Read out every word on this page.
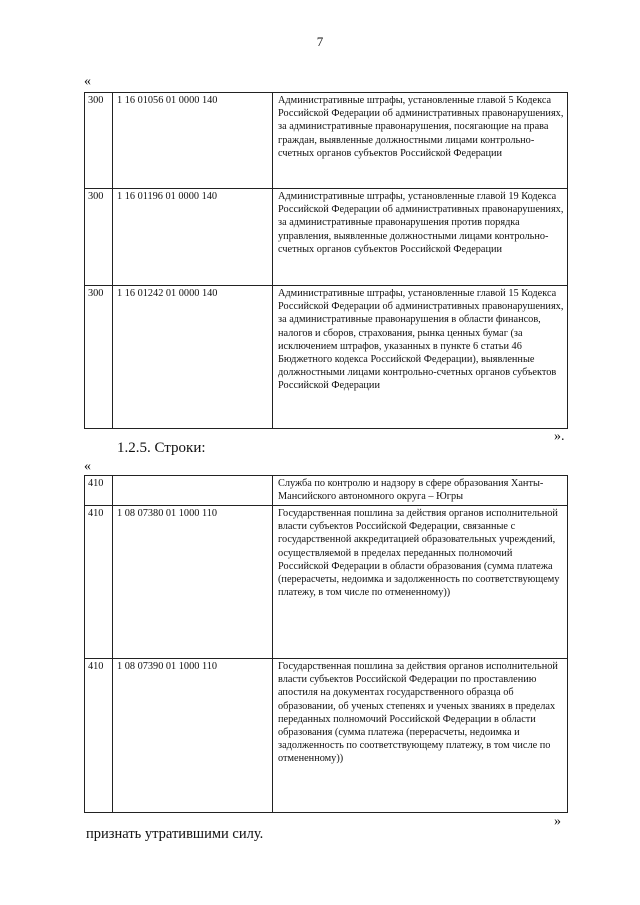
7
«
300	1 16 01056 01 0000 140	Административные штрафы, установленные главой 5 Кодекса Российской Федерации об административных правонарушениях, за административные правонарушения, посягающие на права граждан, выявленные должностными лицами контрольно-счетных органов субъектов Российской Федерации
300	1 16 01196 01 0000 140	Административные штрафы, установленные главой 19 Кодекса Российской Федерации об административных правонарушениях, за административные правонарушения против порядка управления, выявленные должностными лицами контрольно-счетных органов субъектов Российской Федерации
300	1 16 01242 01 0000 140	Административные штрафы, установленные главой 15 Кодекса Российской Федерации об административных правонарушениях, за административные правонарушения в области финансов, налогов и сборов, страхования, рынка ценных бумаг (за исключением штрафов, указанных в пункте 6 статьи 46 Бюджетного кодекса Российской Федерации), выявленные должностными лицами контрольно-счетных органов субъектов Российской Федерации
».
1.2.5. Строки:
«
410		Служба по контролю и надзору в сфере образования Ханты-Мансийского автономного округа – Югры
410	1 08 07380 01 1000 110	Государственная пошлина за действия органов исполнительной власти субъектов Российской Федерации, связанные с государственной аккредитацией образовательных учреждений, осуществляемой в пределах переданных полномочий Российской Федерации в области образования (сумма платежа (перерасчеты, недоимка и задолженность по соответствующему платежу, в том числе по отмененному))
410	1 08 07390 01 1000 110	Государственная пошлина за действия органов исполнительной власти субъектов Российской Федерации по проставлению апостиля на документах государственного образца об образовании, об ученых степенях и ученых званиях в пределах переданных полномочий Российской Федерации в области образования (сумма платежа (перерасчеты, недоимка и задолженность по соответствующему платежу, в том числе по отмененному))
»
признать утратившими силу.
